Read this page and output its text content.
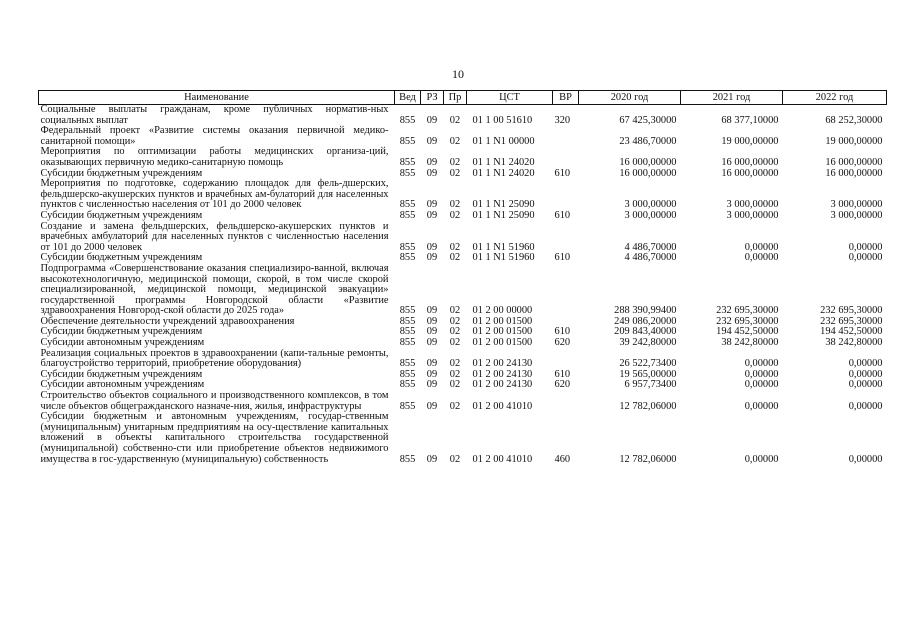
10
Наименование	Вед	РЗ	Пр	ЦСТ	ВР	2020 год	2021 год	2022 год
Социальные выплаты гражданам, кроме публичных норматив-ных социальных выплат	855	09	02	01 1 00 51610	320	67 425,30000	68 377,10000	68 252,30000
Федеральный проект «Развитие системы оказания первичной медико-санитарной помощи»	855	09	02	01 1 N1 00000		23 486,70000	19 000,00000	19 000,00000
Мероприятия по оптимизации работы медицинских организа-ций, оказывающих первичную медико-санитарную помощь	855	09	02	01 1 N1 24020		16 000,00000	16 000,00000	16 000,00000
Субсидии бюджетным учреждениям	855	09	02	01 1 N1 24020	610	16 000,00000	16 000,00000	16 000,00000
Мероприятия по подготовке, содержанию площадок для фель-дшерских, фельдшерско-акушерских пунктов и врачебных ам-булаторий для населенных пунктов с численностью населения от 101 до 2000 человек	855	09	02	01 1 N1 25090		3 000,00000	3 000,00000	3 000,00000
Субсидии бюджетным учреждениям	855	09	02	01 1 N1 25090	610	3 000,00000	3 000,00000	3 000,00000
Создание и замена фельдшерских, фельдшерско-акушерских пунктов и врачебных амбулаторий для населенных пунктов с численностью населения от 101 до 2000 человек	855	09	02	01 1 N1 51960		4 486,70000	0,00000	0,00000
Субсидии бюджетным учреждениям	855	09	02	01 1 N1 51960	610	4 486,70000	0,00000	0,00000
Подпрограмма «Совершенствование оказания специализиро-ванной, включая высокотехнологичную, медицинской помощи, скорой, в том числе скорой специализированной, медицинской помощи, медицинской эвакуации» государственной программы Новгородской области «Развитие здравоохранения Новгород-ской области до 2025 года»	855	09	02	01 2 00 00000		288 390,99400	232 695,30000	232 695,30000
Обеспечение деятельности учреждений здравоохранения	855	09	02	01 2 00 01500		249 086,20000	232 695,30000	232 695,30000
Субсидии бюджетным учреждениям	855	09	02	01 2 00 01500	610	209 843,40000	194 452,50000	194 452,50000
Субсидии автономным учреждениям	855	09	02	01 2 00 01500	620	39 242,80000	38 242,80000	38 242,80000
Реализация социальных проектов в здравоохранении (капи-тальные ремонты, благоустройство территорий, приобретение оборудования)	855	09	02	01 2 00 24130		26 522,73400	0,00000	0,00000
Субсидии бюджетным учреждениям	855	09	02	01 2 00 24130	610	19 565,00000	0,00000	0,00000
Субсидии автономным учреждениям	855	09	02	01 2 00 24130	620	6 957,73400	0,00000	0,00000
Строительство объектов социального и производственного комплексов, в том числе объектов общегражданского назначе-ния, жилья, инфраструктуры	855	09	02	01 2 00 41010		12 782,06000	0,00000	0,00000
Субсидии бюджетным и автономным учреждениям, государ-ственным (муниципальным) унитарным предприятиям на осу-ществление капитальных вложений в объекты капитального строительства государственной (муниципальной) собственно-сти или приобретение объектов недвижимого имущества в гос-ударственную (муниципальную) собственность	855	09	02	01 2 00 41010	460	12 782,06000	0,00000	0,00000
